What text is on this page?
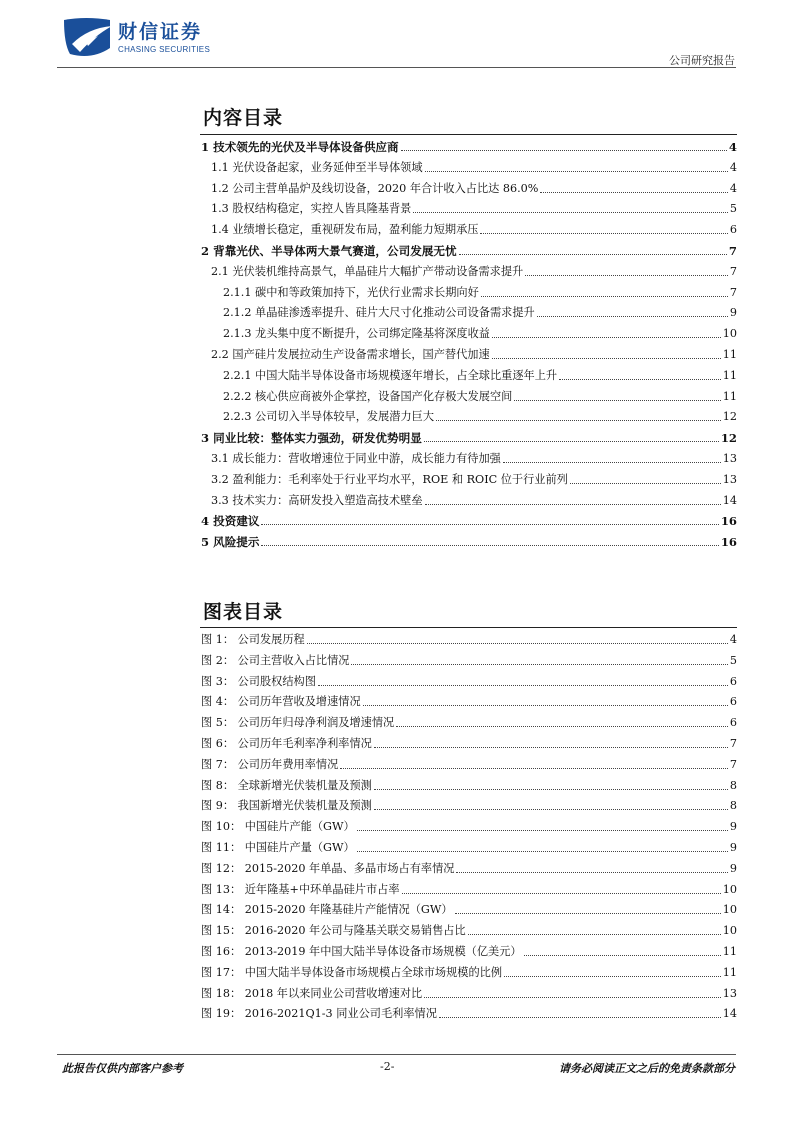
财信证券
CHASING SECURITIES
公司研究报告
内容目录
1 技术领先的光伏及半导体设备供应商	4
1.1 光伏设备起家，业务延伸至半导体领域	4
1.2 公司主营单晶炉及线切设备，2020 年合计收入占比达 86.0%	4
1.3 股权结构稳定，实控人皆具隆基背景	5
1.4 业绩增长稳定，重视研发布局，盈利能力短期承压	6
2 背靠光伏、半导体两大景气赛道，公司发展无忧	7
2.1 光伏装机维持高景气，单晶硅片大幅扩产带动设备需求提升	7
2.1.1 碳中和等政策加持下，光伏行业需求长期向好	7
2.1.2 单晶硅渗透率提升、硅片大尺寸化推动公司设备需求提升	9
2.1.3 龙头集中度不断提升，公司绑定隆基将深度收益	10
2.2 国产硅片发展拉动生产设备需求增长，国产替代加速	11
2.2.1 中国大陆半导体设备市场规模逐年增长，占全球比重逐年上升	11
2.2.2 核心供应商被外企掌控，设备国产化存极大发展空间	11
2.2.3 公司切入半导体较早，发展潜力巨大	12
3 同业比较：整体实力强劲，研发优势明显	12
3.1 成长能力：营收增速位于同业中游，成长能力有待加强	13
3.2 盈利能力：毛利率处于行业平均水平，ROE 和 ROIC 位于行业前列	13
3.3 技术实力：高研发投入塑造高技术壁垒	14
4 投资建议	16
5 风险提示	16
图表目录
图 1： 公司发展历程	4
图 2： 公司主营收入占比情况	5
图 3： 公司股权结构图	6
图 4： 公司历年营收及增速情况	6
图 5： 公司历年归母净利润及增速情况	6
图 6： 公司历年毛利率净利率情况	7
图 7： 公司历年费用率情况	7
图 8： 全球新增光伏装机量及预测	8
图 9： 我国新增光伏装机量及预测	8
图 10： 中国硅片产能（GW）	9
图 11： 中国硅片产量（GW）	9
图 12： 2015-2020 年单晶、多晶市场占有率情况	9
图 13： 近年隆基+中环单晶硅片市占率	10
图 14： 2015-2020 年隆基硅片产能情况（GW）	10
图 15： 2016-2020 年公司与隆基关联交易销售占比	10
图 16： 2013-2019 年中国大陆半导体设备市场规模（亿美元）	11
图 17： 中国大陆半导体设备市场规模占全球市场规模的比例	11
图 18： 2018 年以来同业公司营收增速对比	13
图 19： 2016-2021Q1-3 同业公司毛利率情况	14
此报告仅供内部客户参考	-2-	请务必阅读正文之后的免责条款部分
